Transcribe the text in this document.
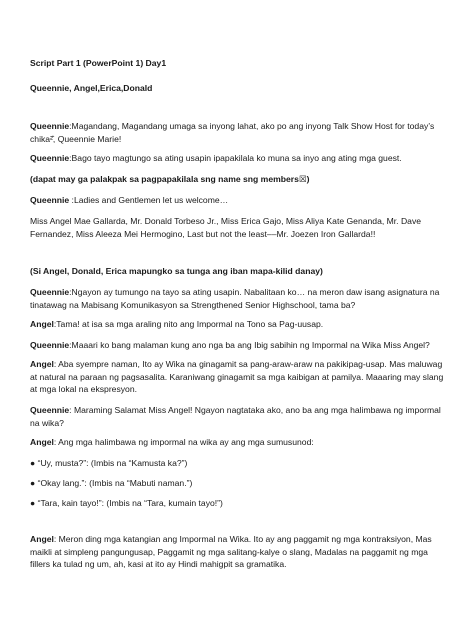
Script Part 1 (PowerPoint 1) Day1
Queennie, Angel,Erica,Donald
Queennie:Magandang, Magandang umaga sa inyong lahat, ako po ang inyong Talk Show Host for today’s chika²̂, Queennie Marie!
Queennie:Bago tayo magtungo sa ating usapin ipapakilala ko muna sa inyo ang ating mga guest.
(dapat may ga palakpak sa pagpapakilala sng name sng members☒)
Queennie :Ladies and Gentlemen let us welcome…
Miss Angel Mae Gallarda, Mr. Donald Torbeso Jr., Miss Erica Gajo, Miss Aliya Kate Genanda, Mr. Dave Fernandez, Miss Aleeza Mei Hermogino, Last but not the least––Mr. Joezen Iron Gallarda!!
(Si Angel, Donald, Erica mapungko sa tunga ang iban mapa-kilid danay)
Queennie:Ngayon ay tumungo na tayo sa ating usapin. Nabalitaan ko… na meron daw isang asignatura na tinatawag na Mabisang Komunikasyon sa Strengthened Senior Highschool, tama ba?
Angel:Tama! at isa sa mga araling nito ang Impormal na Tono sa Pag-uusap.
Queennie:Maaari ko bang malaman kung ano nga ba ang Ibig sabihin ng Impormal na Wika Miss Angel?
Angel: Aba syempre naman, Ito ay Wika na ginagamit sa pang-araw-araw na pakikipag-usap. Mas maluwag at natural na paraan ng pagsasalita. Karaniwang ginagamit sa mga kaibigan at pamilya. Maaaring may slang at mga lokal na ekspresyon.
Queennie: Maraming Salamat Miss Angel! Ngayon nagtataka ako, ano ba ang mga halimbawa ng impormal na wika?
Angel: Ang mga halimbawa ng impormal na wika ay ang mga sumusunod:
● “Uy, musta?”: (Imbis na “Kamusta ka?”)
● “Okay lang.”: (Imbis na “Mabuti naman.”)
● “Tara, kain tayo!”: (Imbis na “Tara, kumain tayo!”)
Angel: Meron ding mga katangian ang Impormal na Wika. Ito ay ang paggamit ng mga kontraksiyon, Mas maikli at simpleng pangungusap, Paggamit ng mga salitang-kalye o slang, Madalas na paggamit ng mga fillers ka tulad ng um, ah, kasi at ito ay Hindi mahigpit sa gramatika.
